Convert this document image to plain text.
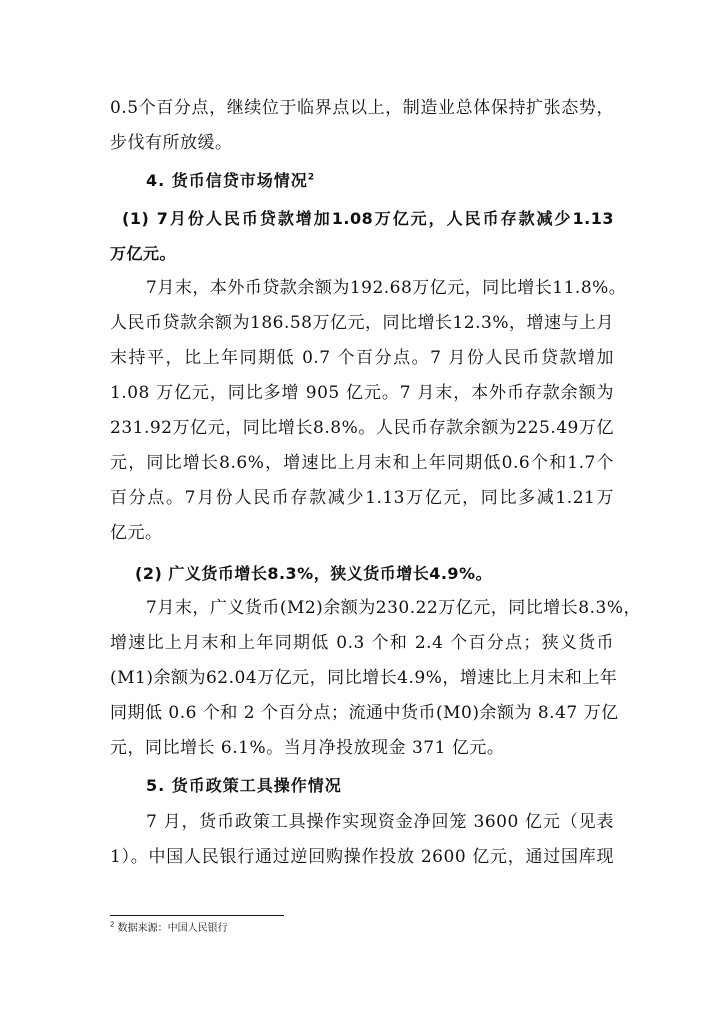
0.5个百分点，继续位于临界点以上，制造业总体保持扩张态势，
步伐有所放缓。
4. 货币信贷市场情况$^2$
(1) 7月份人民币贷款增加1.08万亿元，人民币存款减少1.13
万亿元。
7月末，本外币贷款余额为192.68万亿元，同比增长11.8%。
人民币贷款余额为186.58万亿元，同比增长12.3%，增速与上月
末持平，比上年同期低 0.7 个百分点。7 月份人民币贷款增加
1.08 万亿元，同比多增 905 亿元。7 月末，本外币存款余额为
231.92万亿元，同比增长8.8%。人民币存款余额为225.49万亿
元，同比增长8.6%，增速比上月末和上年同期低0.6个和1.7个
百分点。7月份人民币存款减少1.13万亿元，同比多减1.21万
亿元。
(2) 广义货币增长8.3%，狭义货币增长4.9%。
7月末，广义货币(M2)余额为230.22万亿元，同比增长8.3%，
增速比上月末和上年同期低 0.3 个和 2.4 个百分点；狭义货币
(M1)余额为62.04万亿元，同比增长4.9%，增速比上月末和上年
同期低 0.6 个和 2 个百分点；流通中货币(M0)余额为 8.47 万亿
元，同比增长 6.1%。当月净投放现金 371 亿元。
5. 货币政策工具操作情况
7 月，货币政策工具操作实现资金净回笼 3600 亿元（见表
1）。中国人民银行通过逆回购操作投放 2600 亿元，通过国库现
$^2$ 数据来源：中国人民银行
